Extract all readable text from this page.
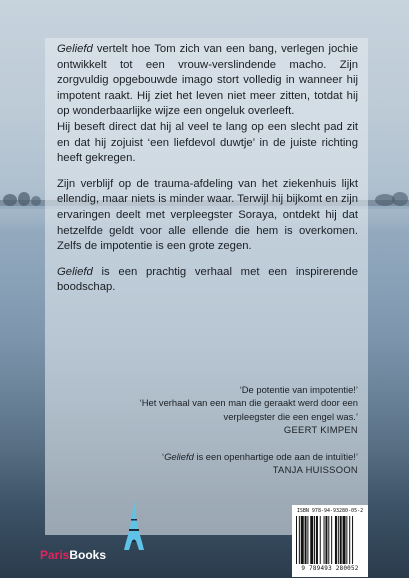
Geliefd vertelt hoe Tom zich van een bang, verlegen jochie ontwikkelt tot een vrouw-verslindende macho. Zijn zorgvuldig opgebouwde imago stort volledig in wanneer hij impotent raakt. Hij ziet het leven niet meer zitten, totdat hij op wonderbaarlijke wijze een ongeluk overleeft.

Hij beseft direct dat hij al veel te lang op een slecht pad zit en dat hij zojuist ‘een liefdevol duwtje’ in de juiste richting heeft gekregen.

Zijn verblijf op de trauma-afdeling van het ziekenhuis lijkt ellendig, maar niets is minder waar. Terwijl hij bijkomt en zijn ervaringen deelt met verpleegster Soraya, ontdekt hij dat hetzelfde geldt voor alle ellende die hem is overkomen. Zelfs de impotentie is een grote zegen.

Geliefd is een prachtig verhaal met een inspirerende boodschap.

‘De potentie van impotentie!’
‘Het verhaal van een man die geraakt werd door een verpleegster die een engel was.’
GEERT KIMPEN
‘Geliefd is een openhartige ode aan de intuïtie!’
TANJA HUISSOON
ParisBooks
ISBN 978-94-93280-05-2
9 789493 280052
